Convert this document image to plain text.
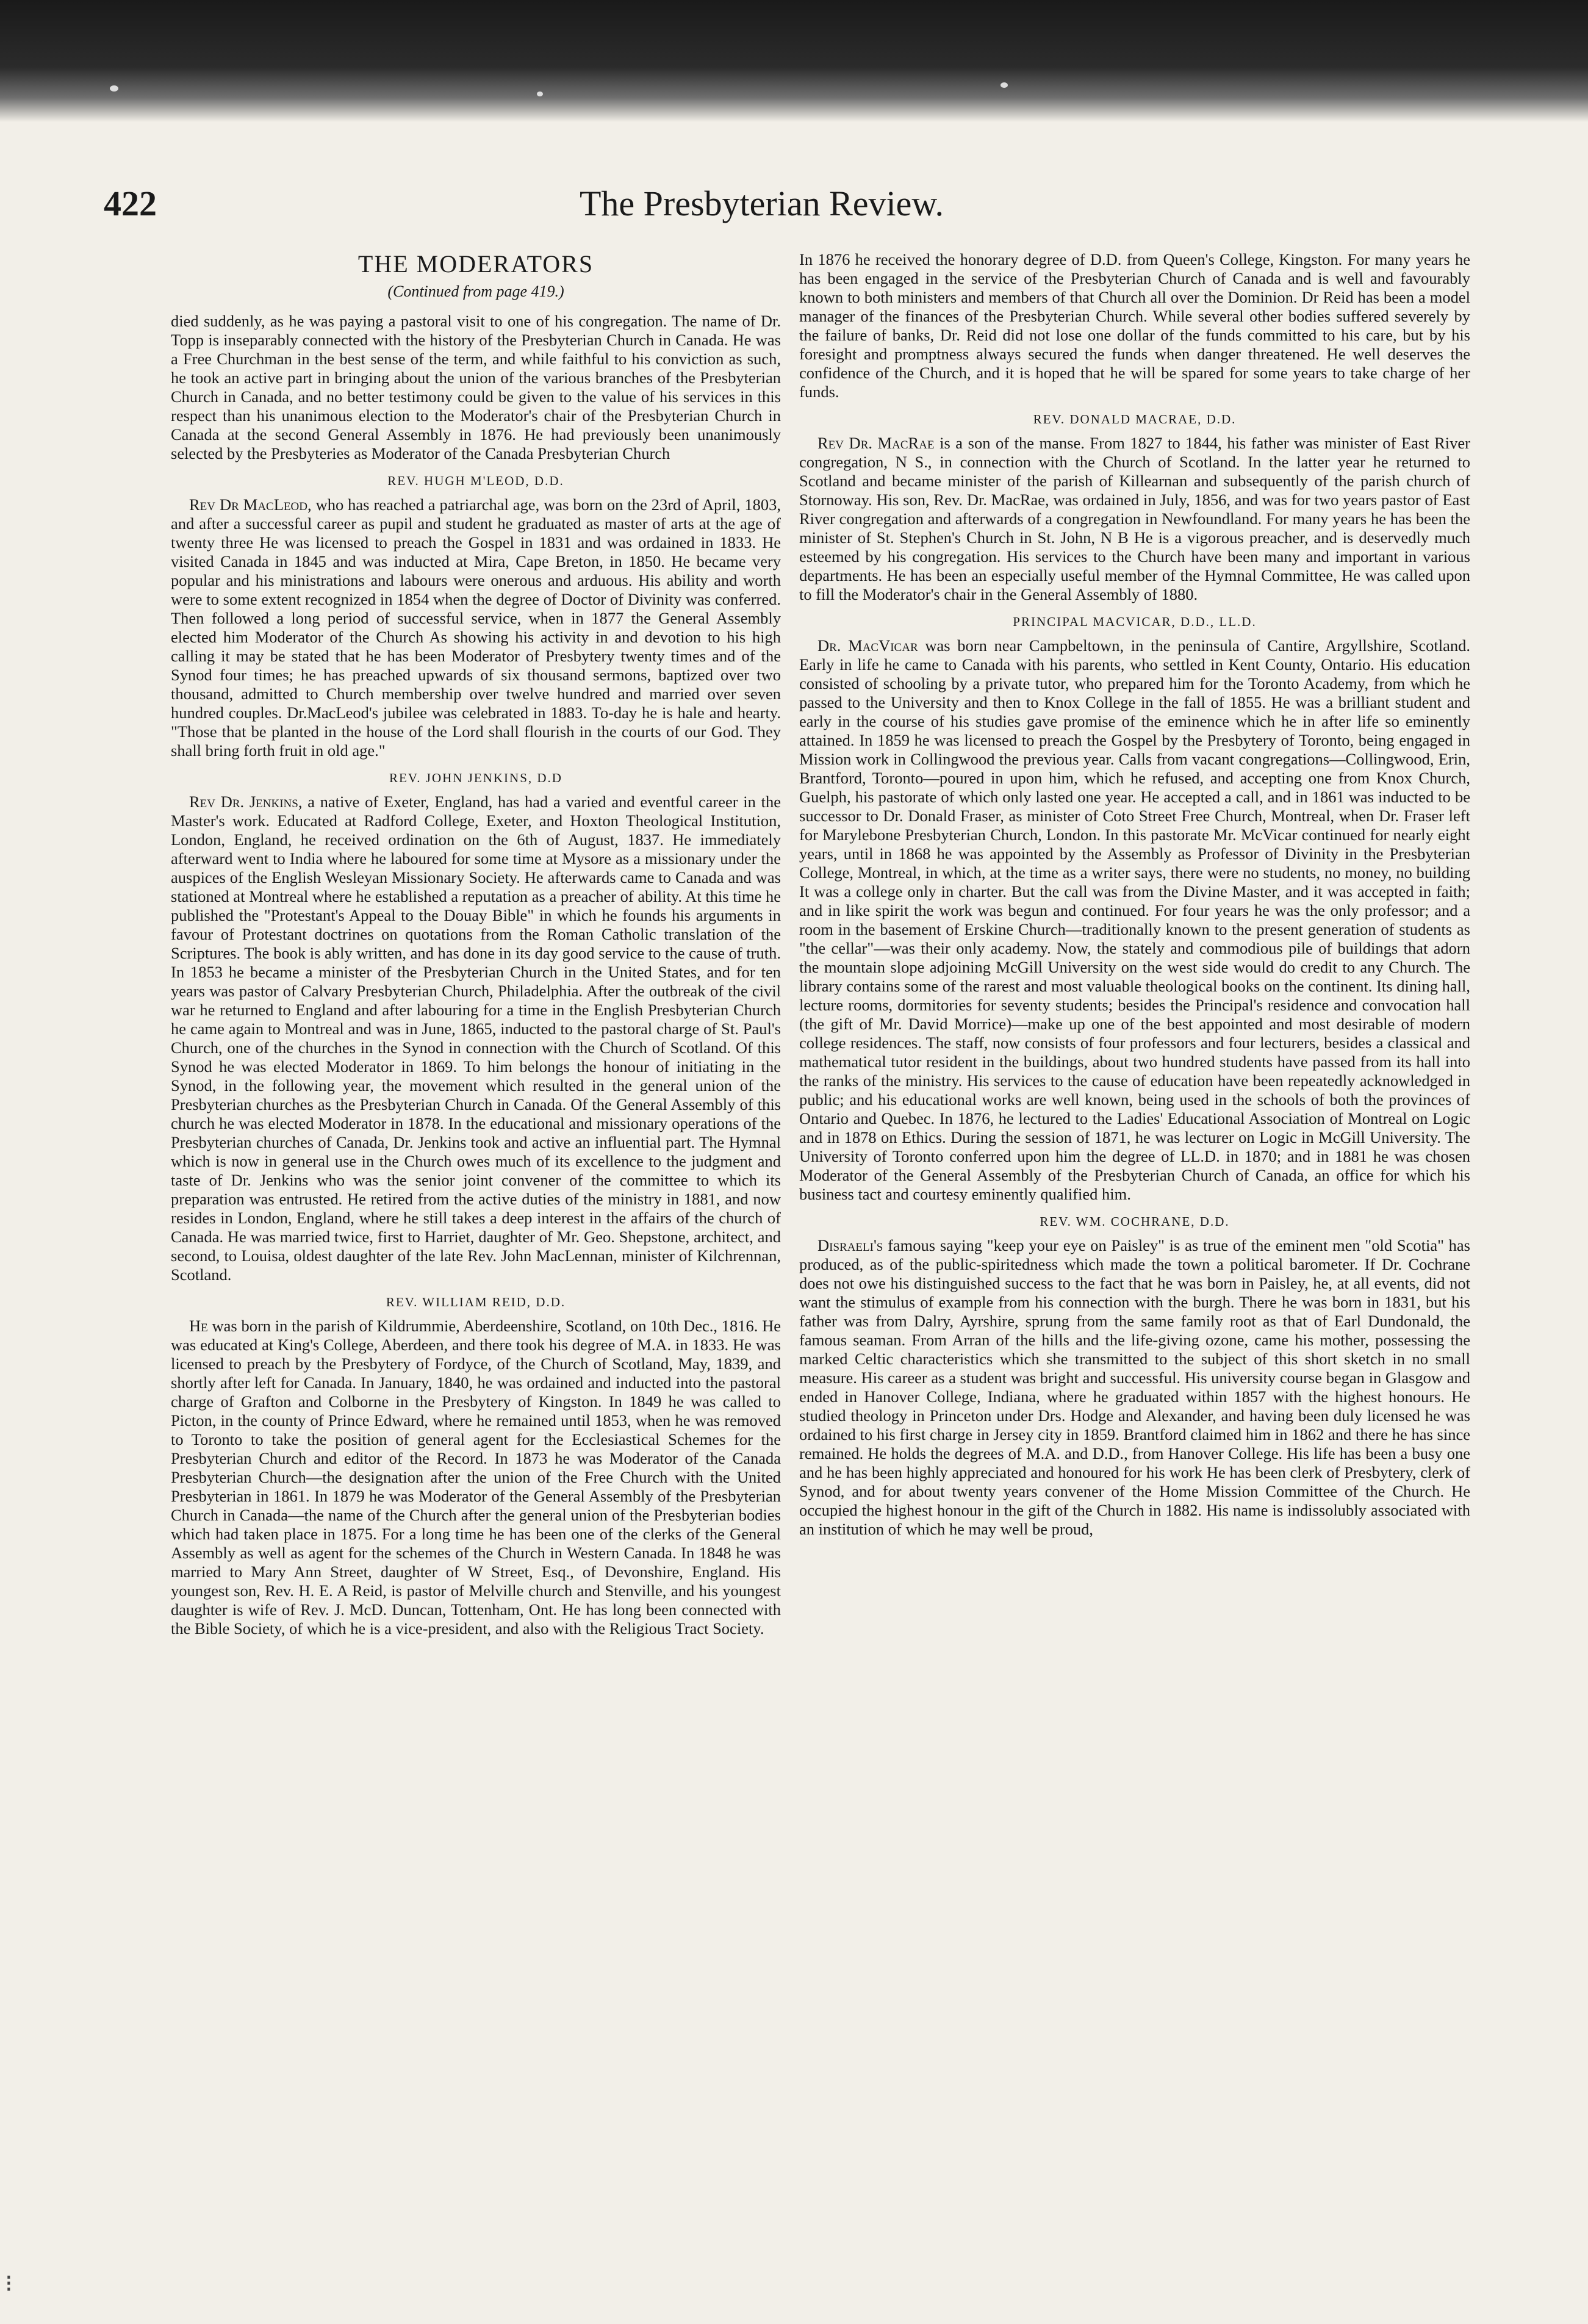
422	The Presbyterian Review.
THE MODERATORS
(Continued from page 419.)

died suddenly, as he was paying a pastoral visit to one of his congregation. The name of Dr. Topp is inseparably connected with the history of the Presbyterian Church in Canada. He was a Free Churchman in the best sense of the term, and while faithful to his conviction as such, he took an active part in bringing about the union of the various branches of the Presbyterian Church in Canada, and no better testimony could be given to the value of his services in this respect than his unanimous election to the Moderator's chair of the Presbyterian Church in Canada at the second General Assembly in 1876. He had previously been unanimously selected by the Presbyteries as Moderator of the Canada Presbyterian Church

REV. HUGH M'LEOD, D.D.

Rev Dr MacLeod, who has reached a patriarchal age, was born on the 23rd of April, 1803, and after a successful career as pupil and student he graduated as master of arts at the age of twenty three He was licensed to preach the Gospel in 1831 and was ordained in 1833. He visited Canada in 1845 and was inducted at Mira, Cape Breton, in 1850. He became very popular and his ministrations and labours were onerous and arduous. His ability and worth were to some extent recognized in 1854 when the degree of Doctor of Divinity was conferred. Then followed a long period of successful service, when in 1877 the General Assembly elected him Moderator of the Church As showing his activity in and devotion to his high calling it may be stated that he has been Moderator of Presbytery twenty times and of the Synod four times; he has preached upwards of six thousand sermons, baptized over two thousand, admitted to Church membership over twelve hundred and married over seven hundred couples. Dr.MacLeod's jubilee was celebrated in 1883. To-day he is hale and hearty. "Those that be planted in the house of the Lord shall flourish in the courts of our God. They shall bring forth fruit in old age."

REV. JOHN JENKINS, D.D

Rev Dr. Jenkins, a native of Exeter, England, has had a varied and eventful career in the Master's work. Educated at Radford College, Exeter, and Hoxton Theological Institution, London, England, he received ordination on the 6th of August, 1837. He immediately afterward went to India where he laboured for some time at Mysore as a missionary under the auspices of the English Wesleyan Missionary Society. He afterwards came to Canada and was stationed at Montreal where he established a reputation as a preacher of ability. At this time he published the "Protestant's Appeal to the Douay Bible" in which he founds his arguments in favour of Protestant doctrines on quotations from the Roman Catholic translation of the Scriptures. The book is ably written, and has done in its day good service to the cause of truth. In 1853 he became a minister of the Presbyterian Church in the United States, and for ten years was pastor of Calvary Presbyterian Church, Philadelphia. After the outbreak of the civil war he returned to England and after labouring for a time in the English Presbyterian Church he came again to Montreal and was in June, 1865, inducted to the pastoral charge of St. Paul's Church, one of the churches in the Synod in connection with the Church of Scotland. Of this Synod he was elected Moderator in 1869. To him belongs the honour of initiating in the Synod, in the following year, the movement which resulted in the general union of the Presbyterian churches as the Presbyterian Church in Canada. Of the General Assembly of this church he was elected Moderator in 1878. In the educational and missionary operations of the Presbyterian churches of Canada, Dr. Jenkins took and active an influential part. The Hymnal which is now in general use in the Church owes much of its excellence to the judgment and taste of Dr. Jenkins who was the senior joint convener of the committee to which its preparation was entrusted. He retired from the active duties of the ministry in 1881, and now resides in London, England, where he still takes a deep interest in the affairs of the church of Canada. He was married twice, first to Harriet, daughter of Mr. Geo. Shepstone, architect, and second, to Louisa, oldest daughter of the late Rev. John MacLennan, minister of Kilchrennan, Scotland.

REV. WILLIAM REID, D.D.

He was born in the parish of Kildrummie, Aberdeenshire, Scotland, on 10th Dec., 1816. He was educated at King's College, Aberdeen, and there took his degree of M.A. in 1833. He was licensed to preach by the Presbytery of Fordyce, of the Church of Scotland, May, 1839, and shortly after left for Canada. In January, 1840, he was ordained and inducted into the pastoral charge of Grafton and Colborne in the Presbytery of Kingston. In 1849 he was called to Picton, in the county of Prince Edward, where he remained until 1853, when he was removed to Toronto to take the position of general agent for the Ecclesiastical Schemes for the Presbyterian Church and editor of the Record. In 1873 he was Moderator of the Canada Presbyterian Church—the designation after the union of the Free Church with the United Presbyterian in 1861. In 1879 he was Moderator of the General Assembly of the Presbyterian Church in Canada—the name of the Church after the general union of the Presbyterian bodies which had taken place in 1875. For a long time he has been one of the clerks of the General Assembly as well as agent for the schemes of the Church in Western Canada. In 1848 he was married to Mary Ann Street, daughter of W Street, Esq., of Devonshire, England. His youngest son, Rev. H. E. A Reid, is pastor of Melville church and Stenville, and his youngest daughter is wife of Rev. J. McD. Duncan, Tottenham, Ont. He has long been connected with the Bible Society, of which he is a vice-president, and also with the Religious Tract Society.

In 1876 he received the honorary degree of D.D. from Queen's College, Kingston. For many years he has been engaged in the service of the Presbyterian Church of Canada and is well and favourably known to both ministers and members of that Church all over the Dominion. Dr Reid has been a model manager of the finances of the Presbyterian Church. While several other bodies suffered severely by the failure of banks, Dr. Reid did not lose one dollar of the funds committed to his care, but by his foresight and promptness always secured the funds when danger threatened. He well deserves the confidence of the Church, and it is hoped that he will be spared for some years to take charge of her funds.

REV. DONALD MACRAE, D.D.

Rev Dr. MacRae is a son of the manse. From 1827 to 1844, his father was minister of East River congregation, N S., in connection with the Church of Scotland. In the latter year he returned to Scotland and became minister of the parish of Killearnan and subsequently of the parish church of Stornoway. His son, Rev. Dr. MacRae, was ordained in July, 1856, and was for two years pastor of East River congregation and afterwards of a congregation in Newfoundland. For many years he has been the minister of St. Stephen's Church in St. John, N B He is a vigorous preacher, and is deservedly much esteemed by his congregation. His services to the Church have been many and important in various departments. He has been an especially useful member of the Hymnal Committee, He was called upon to fill the Moderator's chair in the General Assembly of 1880.

PRINCIPAL MACVICAR, D.D., LL.D.

Dr. MacVicar was born near Campbeltown, in the peninsula of Cantire, Argyllshire, Scotland. Early in life he came to Canada with his parents, who settled in Kent County, Ontario. His education consisted of schooling by a private tutor, who prepared him for the Toronto Academy, from which he passed to the University and then to Knox College in the fall of 1855. He was a brilliant student and early in the course of his studies gave promise of the eminence which he in after life so eminently attained. In 1859 he was licensed to preach the Gospel by the Presbytery of Toronto, being engaged in Mission work in Collingwood the previous year. Calls from vacant congregations—Collingwood, Erin, Brantford, Toronto—poured in upon him, which he refused, and accepting one from Knox Church, Guelph, his pastorate of which only lasted one year. He accepted a call, and in 1861 was inducted to be successor to Dr. Donald Fraser, as minister of Coto Street Free Church, Montreal, when Dr. Fraser left for Marylebone Presbyterian Church, London. In this pastorate Mr. McVicar continued for nearly eight years, until in 1868 he was appointed by the Assembly as Professor of Divinity in the Presbyterian College, Montreal, in which, at the time as a writer says, there were no students, no money, no building It was a college only in charter. But the call was from the Divine Master, and it was accepted in faith; and in like spirit the work was begun and continued. For four years he was the only professor; and a room in the basement of Erskine Church—traditionally known to the present generation of students as "the cellar"—was their only academy. Now, the stately and commodious pile of buildings that adorn the mountain slope adjoining McGill University on the west side would do credit to any Church. The library contains some of the rarest and most valuable theological books on the continent. Its dining hall, lecture rooms, dormitories for seventy students; besides the Principal's residence and convocation hall (the gift of Mr. David Morrice)—make up one of the best appointed and most desirable of modern college residences. The staff, now consists of four professors and four lecturers, besides a classical and mathematical tutor resident in the buildings, about two hundred students have passed from its hall into the ranks of the ministry. His services to the cause of education have been repeatedly acknowledged in public; and his educational works are well known, being used in the schools of both the provinces of Ontario and Quebec. In 1876, he lectured to the Ladies' Educational Association of Montreal on Logic and in 1878 on Ethics. During the session of 1871, he was lecturer on Logic in McGill University. The University of Toronto conferred upon him the degree of LL.D. in 1870; and in 1881 he was chosen Moderator of the General Assembly of the Presbyterian Church of Canada, an office for which his business tact and courtesy eminently qualified him.

REV. WM. COCHRANE, D.D.

Disraeli's famous saying "keep your eye on Paisley" is as true of the eminent men "old Scotia" has produced, as of the public-spiritedness which made the town a political barometer. If Dr. Cochrane does not owe his distinguished success to the fact that he was born in Paisley, he, at all events, did not want the stimulus of example from his connection with the burgh. There he was born in 1831, but his father was from Dalry, Ayrshire, sprung from the same family root as that of Earl Dundonald, the famous seaman. From Arran of the hills and the life-giving ozone, came his mother, possessing the marked Celtic characteristics which she transmitted to the subject of this short sketch in no small measure. His career as a student was bright and successful. His university course began in Glasgow and ended in Hanover College, Indiana, where he graduated within 1857 with the highest honours. He studied theology in Princeton under Drs. Hodge and Alexander, and having been duly licensed he was ordained to his first charge in Jersey city in 1859. Brantford claimed him in 1862 and there he has since remained. He holds the degrees of M.A. and D.D., from Hanover College. His life has been a busy one and he has been highly appreciated and honoured for his work He has been clerk of Presbytery, clerk of Synod, and for about twenty years convener of the Home Mission Committee of the Church. He occupied the highest honour in the gift of the Church in 1882. His name is indissolubly associated with an institution of which he may well be proud,

⁝
